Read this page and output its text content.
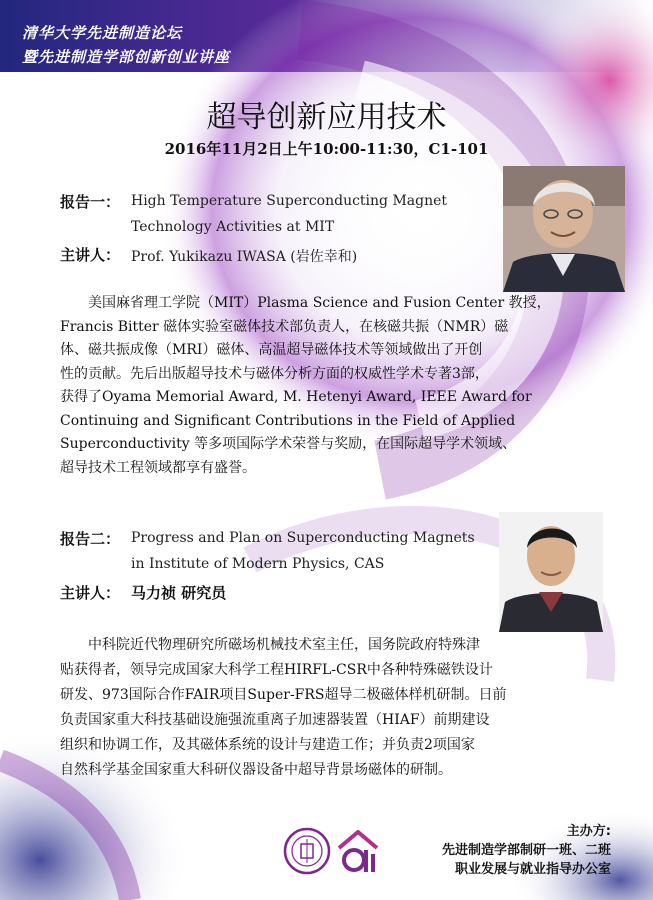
清华大学先进制造论坛
暨先进制造学部创新创业讲座
超导创新应用技术
2016年11月2日上午10:00-11:30，C1-101
报告一： High Temperature Superconducting Magnet
Technology Activities at MIT
主讲人： Prof. Yukikazu IWASA (岩佐幸和)
美国麻省理工学院（MIT）Plasma Science and Fusion Center 教授，
Francis Bitter 磁体实验室磁体技术部负责人，在核磁共振（NMR）磁
体、磁共振成像（MRI）磁体、高温超导磁体技术等领域做出了开创
性的贡献。先后出版超导技术与磁体分析方面的权威性学术专著3部，
获得了Oyama Memorial Award, M. Hetenyi Award, IEEE Award for
Continuing and Significant Contributions in the Field of Applied
Superconductivity 等多项国际学术荣誉与奖励，在国际超导学术领域、
超导技术工程领域都享有盛誉。
报告二： Progress and Plan on Superconducting Magnets
in Institute of Modern Physics, CAS
主讲人： 马力祯 研究员
中科院近代物理研究所磁场机械技术室主任，国务院政府特殊津
贴获得者，领导完成国家大科学工程HIRFL-CSR中各种特殊磁铁设计
研发、973国际合作FAIR项目Super-FRS超导二极磁体样机研制。日前
负责国家重大科技基础设施强流重离子加速器装置（HIAF）前期建设
组织和协调工作，及其磁体系统的设计与建造工作；并负责2项国家
自然科学基金国家重大科研仪器设备中超导背景场磁体的研制。
主办方:
先进制造学部制研一班、二班
职业发展与就业指导办公室
